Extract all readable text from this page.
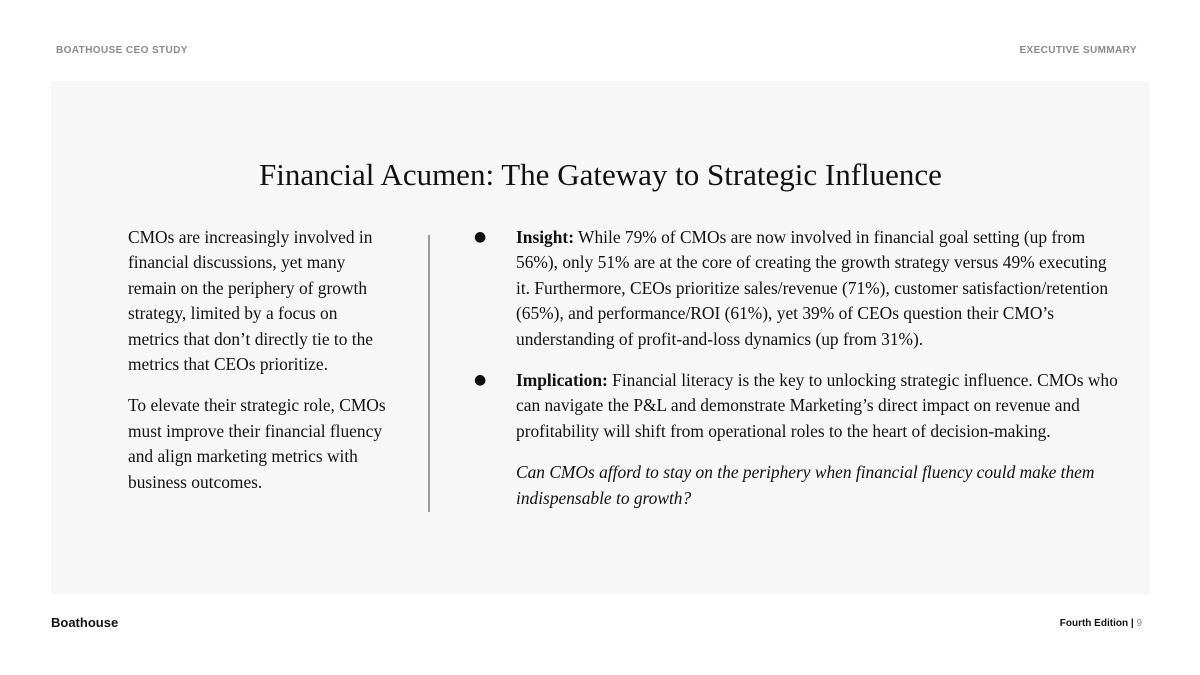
BOATHOUSE CEO STUDY	EXECUTIVE SUMMARY
Financial Acumen: The Gateway to Strategic Influence

CMOs are increasingly involved in financial discussions, yet many remain on the periphery of growth strategy, limited by a focus on metrics that don’t directly tie to the metrics that CEOs prioritize.

To elevate their strategic role, CMOs must improve their financial fluency and align marketing metrics with business outcomes.

● Insight: While 79% of CMOs are now involved in financial goal setting (up from 56%), only 51% are at the core of creating the growth strategy versus 49% executing it. Furthermore, CEOs prioritize sales/revenue (71%), customer satisfaction/retention (65%), and performance/ROI (61%), yet 39% of CEOs question their CMO’s understanding of profit-and-loss dynamics (up from 31%).
● Implication: Financial literacy is the key to unlocking strategic influence. CMOs who can navigate the P&L and demonstrate Marketing’s direct impact on revenue and profitability will shift from operational roles to the heart of decision-making.
Can CMOs afford to stay on the periphery when financial fluency could make them indispensable to growth?
Boathouse	Fourth Edition | 9
